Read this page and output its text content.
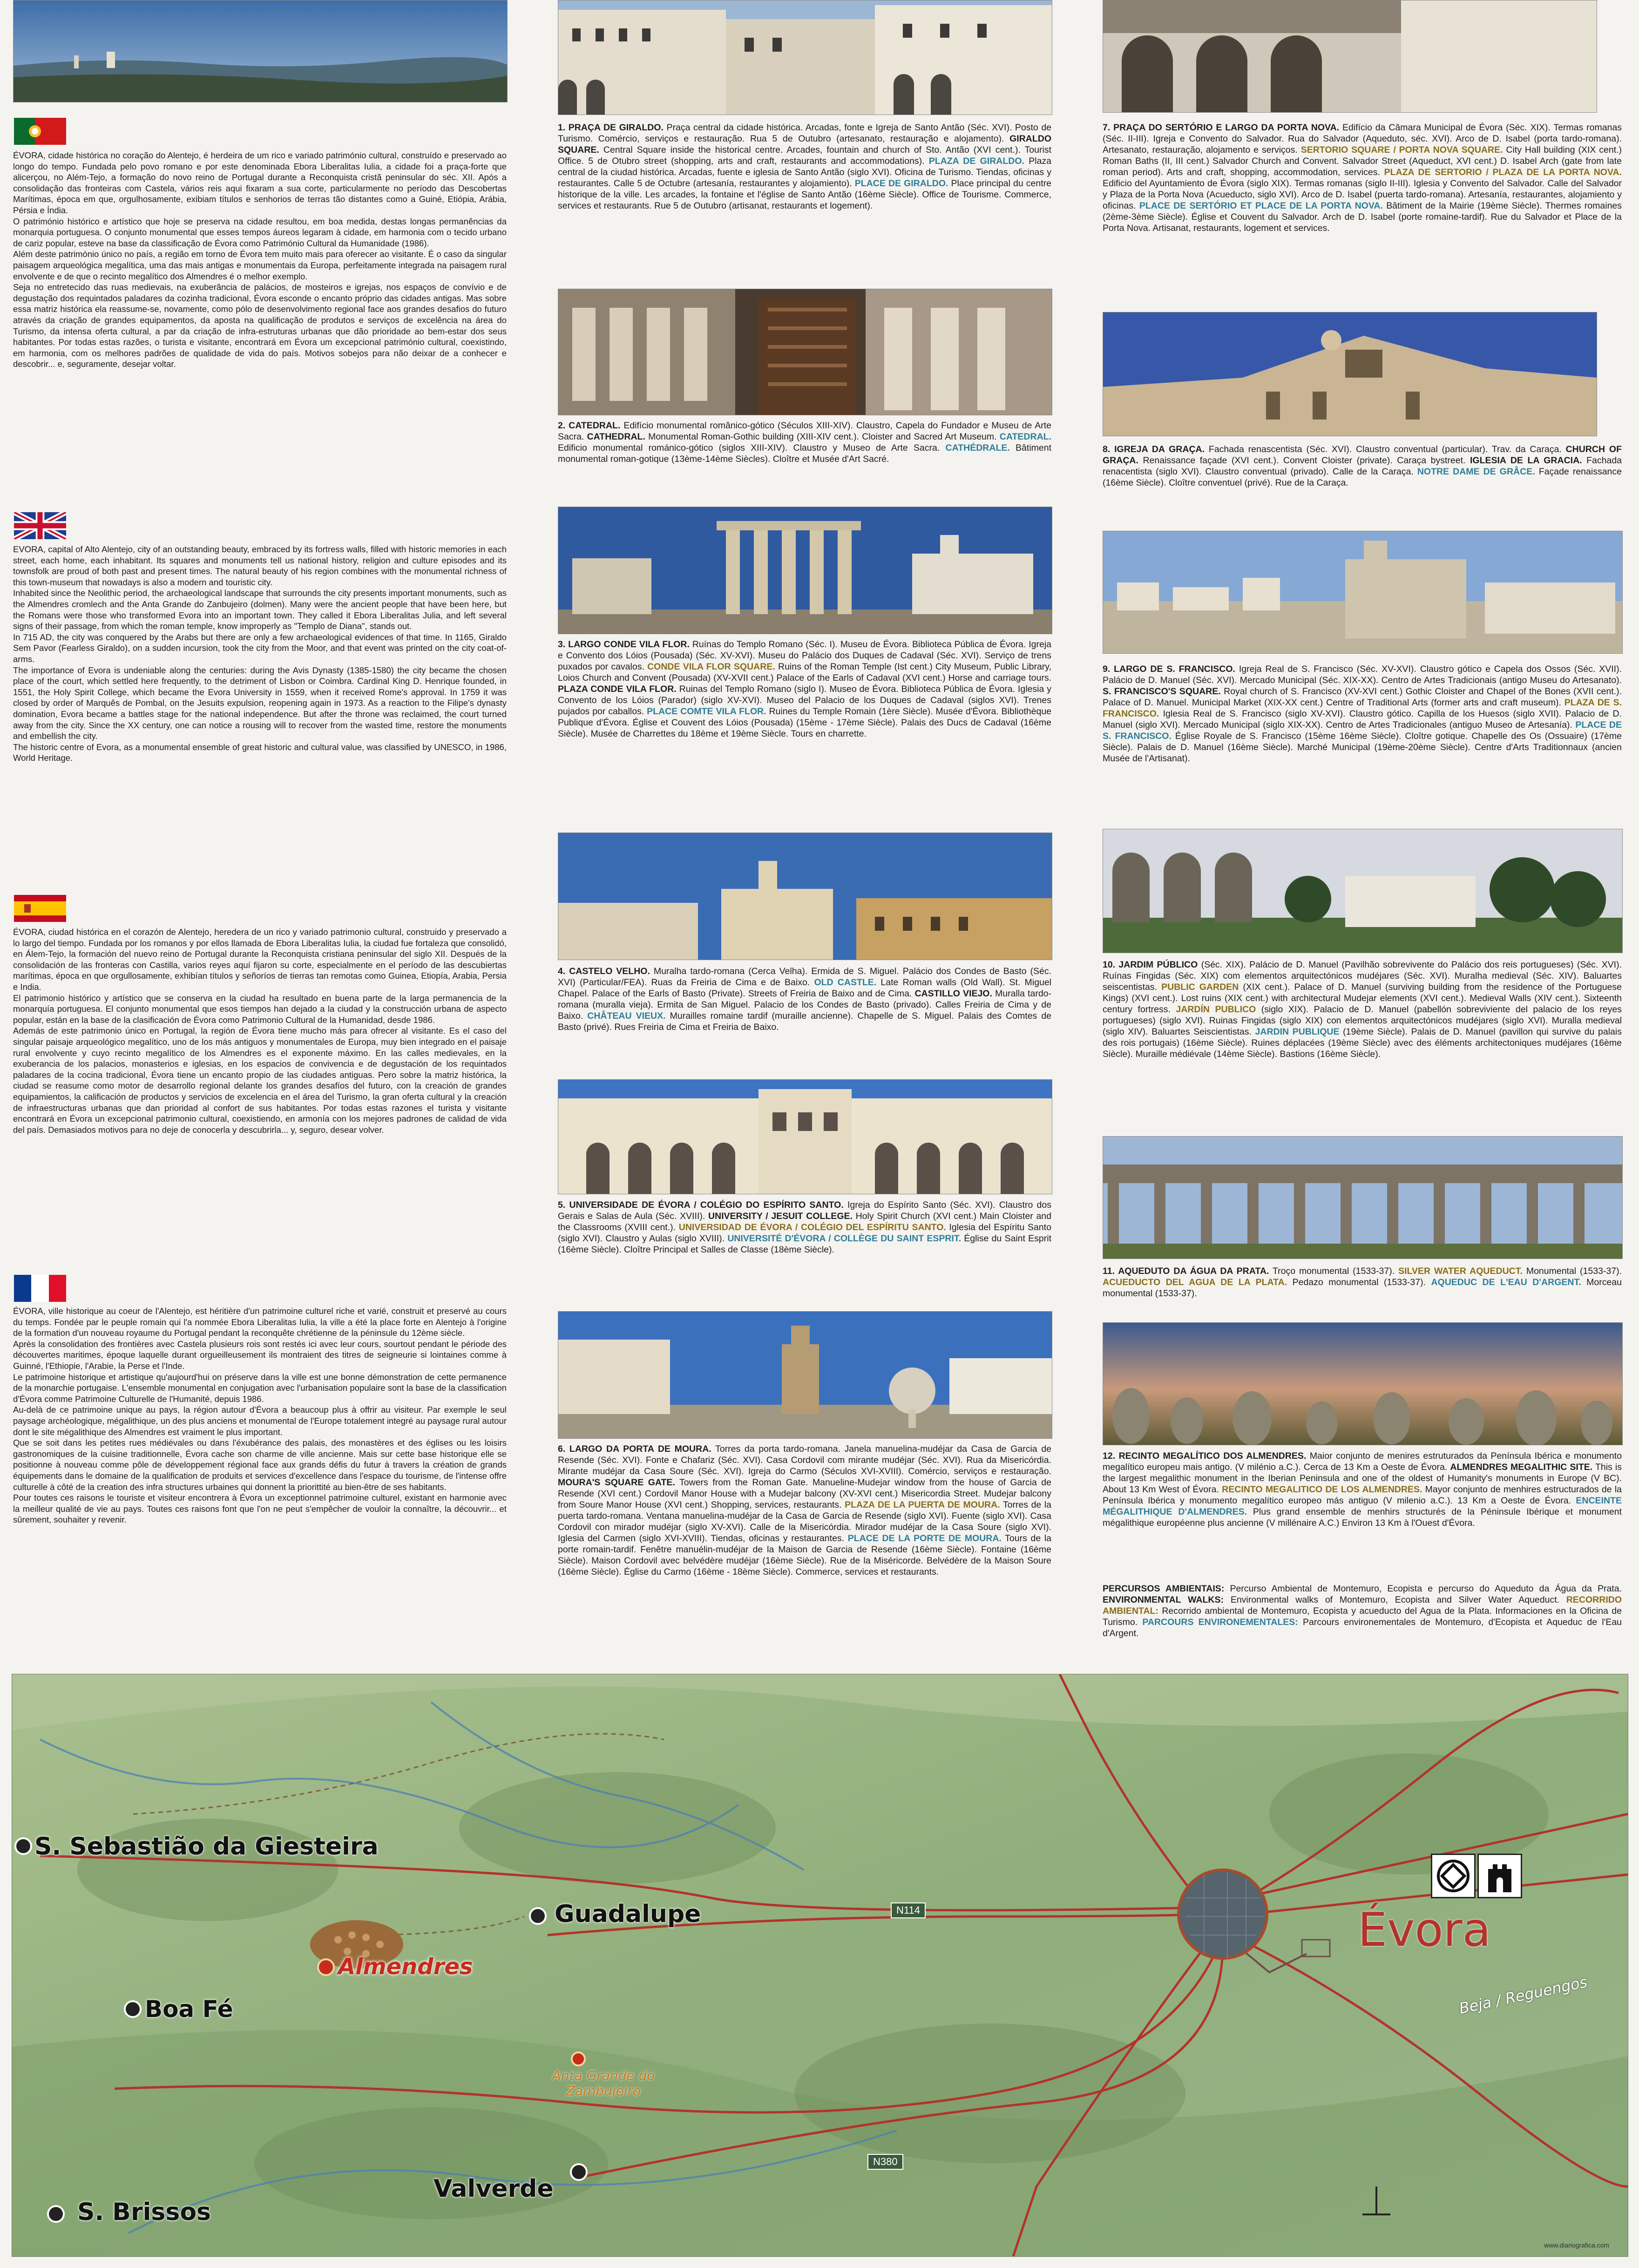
ÉVORA, cidade histórica no coração do Alentejo, é herdeira de um rico e variado património cultural, construído e preservado ao longo do tempo. Fundada pelo povo romano e por este denominada Ebora Liberalitas Iulia, a cidade foi a praça-forte que alicerçou, no Além-Tejo, a formação do novo reino de Portugal durante a Reconquista cristã peninsular do séc. XII. Após a consolidação das fronteiras com Castela, vários reis aqui fixaram a sua corte, particularmente no período das Descobertas Marítimas, época em que, orgulhosamente, exibiam títulos e senhorios de terras tão distantes como a Guiné, Etiópia, Arábia, Pérsia e Índia.

O património histórico e artístico que hoje se preserva na cidade resultou, em boa medida, destas longas permanências da monarquia portuguesa. O conjunto monumental que esses tempos áureos legaram à cidade, em harmonia com o tecido urbano de cariz popular, esteve na base da classificação de Évora como Património Cultural da Humanidade (1986).

Além deste património único no país, a região em torno de Évora tem muito mais para oferecer ao visitante. É o caso da singular paisagem arqueológica megalítica, uma das mais antigas e monumentais da Europa, perfeitamente integrada na paisagem rural envolvente e de que o recinto megalítico dos Almendres é o melhor exemplo.

Seja no entretecido das ruas medievais, na exuberância de palácios, de mosteiros e igrejas, nos espaços de convívio e de degustação dos requintados paladares da cozinha tradicional, Évora esconde o encanto próprio das cidades antigas. Mas sobre essa matriz histórica ela reassume-se, novamente, como pólo de desenvolvimento regional face aos grandes desafios do futuro através da criação de grandes equipamentos, da aposta na qualificação de produtos e serviços de excelência na área do Turismo, da intensa oferta cultural, a par da criação de infra-estruturas urbanas que dão prioridade ao bem-estar dos seus habitantes. Por todas estas razões, o turista e visitante, encontrará em Évora um excepcional património cultural, coexistindo, em harmonia, com os melhores padrões de qualidade de vida do país. Motivos sobejos para não deixar de a conhecer e descobrir... e, seguramente, desejar voltar.

EVORA, capital of Alto Alentejo, city of an outstanding beauty, embraced by its fortress walls, filled with historic memories in each street, each home, each inhabitant. Its squares and monuments tell us national history, religion and culture episodes and its townsfolk are proud of both past and present times. The natural beauty of his region combines with the monumental richness of this town-museum that nowadays is also a modern and touristic city.

Inhabited since the Neolithic period, the archaeological landscape that surrounds the city presents important monuments, such as the Almendres cromlech and the Anta Grande do Zanbujeiro (dolmen). Many were the ancient people that have been here, but the Romans were those who transformed Evora into an important town. They called it Ebora Liberalitas Julia, and left several signs of their passage, from which the roman temple, know improperly as "Templo de Diana", stands out.

In 715 AD, the city was conquered by the Arabs but there are only a few archaeological evidences of that time. In 1165, Giraldo Sem Pavor (Fearless Giraldo), on a sudden incursion, took the city from the Moor, and that event was printed on the city coat-of-arms.

The importance of Evora is undeniable along the centuries: during the Avis Dynasty (1385-1580) the city became the chosen place of the court, which settled here frequently, to the detriment of Lisbon or Coimbra. Cardinal King D. Henrique founded, in 1551, the Holy Spirit College, which became the Evora University in 1559, when it received Rome's approval. In 1759 it was closed by order of Marquês de Pombal, on the Jesuits expulsion, reopening again in 1973. As a reaction to the Filipe's dynasty domination, Evora became a battles stage for the national independence. But after the throne was reclaimed, the court turned away from the city. Since the XX century, one can notice a rousing will to recover from the wasted time, restore the monuments and embellish the city.

The historic centre of Evora, as a monumental ensemble of great historic and cultural value, was classified by UNESCO, in 1986, World Heritage.

ÉVORA, ciudad histórica en el corazón de Alentejo, heredera de un rico y variado patrimonio cultural, construido y preservado a lo largo del tiempo. Fundada por los romanos y por ellos llamada de Ebora Liberalitas Iulia, la ciudad fue fortaleza que consolidó, en Álem-Tejo, la formación del nuevo reino de Portugal durante la Reconquista cristiana peninsular del siglo XII. Después de la consolidación de las fronteras con Castilla, varios reyes aquí fijaron su corte, especialmente en el período de las descubiertas marítimas, época en que orgullosamente, exhibían títulos y señoríos de tierras tan remotas como Guinea, Etiopía, Arabia, Persia e India.

El patrimonio histórico y artístico que se conserva en la ciudad ha resultado en buena parte de la larga permanencia de la monarquía portuguesa. El conjunto monumental que esos tiempos han dejado a la ciudad y la construcción urbana de aspecto popular, están en la base de la clasificación de Évora como Patrimonio Cultural de la Humanidad, desde 1986.

Además de este patrimonio único en Portugal, la región de Évora tiene mucho más para ofrecer al visitante. Es el caso del singular paisaje arqueológico megalítico, uno de los más antiguos y monumentales de Europa, muy bien integrado en el paisaje rural envolvente y cuyo recinto megalítico de los Almendres es el exponente máximo. En las calles medievales, en la exuberancia de los palacios, monasterios e iglesias, en los espacios de convivencia e de degustación de los requintados paladares de la cocina tradicional, Évora tiene un encanto propio de las ciudades antiguas. Pero sobre la matriz histórica, la ciudad se reasume como motor de desarrollo regional delante los grandes desafíos del futuro, con la creación de grandes equipamientos, la calificación de productos y servicios de excelencia en el área del Turismo, la gran oferta cultural y la creación de infraestructuras urbanas que dan prioridad al confort de sus habitantes. Por todas estas razones el turista y visitante encontrará en Évora un excepcional patrimonio cultural, coexistiendo, en armonía con los mejores padrones de calidad de vida del país. Demasiados motivos para no deje de conocerla y descubrirla... y, seguro, desear volver.

ÉVORA, ville historique au coeur de l'Alentejo, est héritière d'un patrimoine culturel riche et varié, construit et preservé au cours du temps. Fondée par le peuple romain qui l'a nommée Ebora Liberalitas Iulia, la ville a été la place forte en Alentejo à l'origine de la formation d'un nouveau royaume du Portugal pendant la reconquête chrétienne de la péninsule du 12ème siècle.

Après la consolidation des frontières avec Castela plusieurs rois sont restés ici avec leur cours, sourtout pendant le période des découvertes maritimes, époque laquelle durant orgueilleusement ils montraient des titres de seigneurie si lointaines comme à Guinné, l'Ethiopie, l'Arabie, la Perse et l'Inde.

Le patrimoine historique et artistique qu'aujourd'hui on préserve dans la ville est une bonne démonstration de cette permanence de la monarchie portugaise. L'ensemble monumental en conjugation avec l'urbanisation populaire sont la base de la classification d'Évora comme Patrimoine Culturelle de l'Humanité, depuis 1986.

Au-delà de ce patrimoine unique au pays, la région autour d'Évora a beaucoup plus à offrir au visiteur. Par exemple le seul paysage archéologique, mégalithique, un des plus anciens et monumental de l'Europe totalement integré au paysage rural autour dont le site mégalithique des Almendres est vraiment le plus important.

Que se soit dans les petites rues médiévales ou dans l'éxubérance des palais, des monastères et des églises ou les loisirs gastronomiques de la cuisine traditionnelle, Évora cache son charme de ville ancienne. Mais sur cette base historique elle se positionne à nouveau comme pôle de développement régional face aux grands défis du futur à travers la création de grands équipements dans le domaine de la qualification de produits et services d'excellence dans l'espace du tourisme, de l'intense offre culturelle à côté de la creation des infra structures urbaines qui donnent la priorittité au bien-être de ses habitants.

Pour toutes ces raisons le touriste et visiteur encontrera à Évora un exceptionnel patrimoine culturel, existant en harmonie avec la meilleur qualité de vie au pays. Toutes ces raisons font que l'on ne peut s'empêcher de vouloir la connaître, la découvrir... et sûrement, souhaiter y revenir.

1. PRAÇA DE GIRALDO. Praça central da cidade histórica. Arcadas, fonte e Igreja de Santo Antão (Séc. XVI). Posto de Turismo. Comércio, serviços e restauração. Rua 5 de Outubro (artesanato, restauração e alojamento). GIRALDO SQUARE. Central Square inside the historical centre. Arcades, fountain and church of Sto. Antão (XVI cent.). Tourist Office. 5 de Otubro street (shopping, arts and craft, restaurants and accommodations). PLAZA DE GIRALDO. Plaza central de la ciudad histórica. Arcadas, fuente e iglesia de Santo Antão (siglo XVI). Oficina de Turismo. Tiendas, oficinas y restaurantes. Calle 5 de Octubre (artesanía, restaurantes y alojamiento). PLACE DE GIRALDO. Place principal du centre historique de la ville. Les arcades, la fontaine et l'église de Santo Antão (16ème Siècle). Office de Tourisme. Commerce, services et restaurants. Rue 5 de Outubro (artisanat, restaurants et logement).
2. CATEDRAL. Edifício monumental românico-gótico (Séculos XIII-XIV). Claustro, Capela do Fundador e Museu de Arte Sacra. CATHEDRAL. Monumental Roman-Gothic building (XIII-XIV cent.). Cloister and Sacred Art Museum. CATEDRAL. Edificio monumental románico-gótico (siglos XIII-XIV). Claustro y Museo de Arte Sacra. CATHÉDRALE. Bâtiment monumental roman-gotique (13ème-14ème Siècles). Cloître et Musée d'Art Sacré.
3. LARGO CONDE VILA FLOR. Ruínas do Templo Romano (Séc. I). Museu de Évora. Biblioteca Pública de Évora. Igreja e Convento dos Lóios (Pousada) (Séc. XV-XVI). Museu do Palácio dos Duques de Cadaval (Séc. XVI). Serviço de trens puxados por cavalos. CONDE VILA FLOR SQUARE. Ruins of the Roman Temple (Ist cent.) City Museum, Public Library, Loios Church and Convent (Pousada) (XV-XVII cent.) Palace of the Earls of Cadaval (XVI cent.) Horse and carriage tours. PLAZA CONDE VILA FLOR. Ruinas del Templo Romano (siglo I). Museo de Évora. Biblioteca Pública de Évora. Iglesia y Convento de los Lóios (Parador) (siglo XV-XVI). Museo del Palacio de los Duques de Cadaval (siglos XVI). Trenes pujados por caballos. PLACE COMTE VILA FLOR. Ruines du Temple Romain (1ère Siècle). Musée d'Évora. Bibliothèque Publique d'Évora. Église et Couvent des Lóios (Pousada) (15ème - 17ème Siècle). Palais des Ducs de Cadaval (16ème Siècle). Musée de Charrettes du 18ème et 19ème Siècle. Tours en charrette.
4. CASTELO VELHO. Muralha tardo-romana (Cerca Velha). Ermida de S. Miguel. Palácio dos Condes de Basto (Séc. XVI) (Particular/FEA). Ruas da Freiria de Cima e de Baixo. OLD CASTLE. Late Roman walls (Old Wall). St. Miguel Chapel. Palace of the Earls of Basto (Private). Streets of Freiria de Baixo and de Cima. CASTILLO VIEJO. Muralla tardo-romana (muralla vieja). Ermita de San Miguel. Palacio de los Condes de Basto (privado). Calles Freiria de Cima y de Baixo. CHÂTEAU VIEUX. Murailles romaine tardif (muraille ancienne). Chapelle de S. Miguel. Palais des Comtes de Basto (privé). Rues Freiria de Cima et Freiria de Baixo.
5. UNIVERSIDADE DE ÉVORA / COLÉGIO DO ESPÍRITO SANTO. Igreja do Espírito Santo (Séc. XVI). Claustro dos Gerais e Salas de Aula (Séc. XVIII). UNIVERSITY / JESUIT COLLEGE. Holy Spirit Church (XVI cent.) Main Cloister and the Classrooms (XVIII cent.). UNIVERSIDAD DE ÉVORA / COLÉGIO DEL ESPÍRITU SANTO. Iglesia del Espíritu Santo (siglo XVI). Claustro y Aulas (siglo XVIII). UNIVERSITÉ D'ÉVORA / COLLÈGE DU SAINT ESPRIT. Église du Saint Esprit (16ème Siècle). Cloître Principal et Salles de Classe (18ème Siècle).
6. LARGO DA PORTA DE MOURA. Torres da porta tardo-romana. Janela manuelina-mudéjar da Casa de Garcia de Resende (Séc. XVI). Fonte e Chafariz (Séc. XVI). Casa Cordovil com mirante mudéjar (Séc. XVI). Rua da Misericórdia. Mirante mudéjar da Casa Soure (Séc. XVI). Igreja do Carmo (Séculos XVI-XVIII). Comércio, serviços e restauração. MOURA'S SQUARE GATE. Towers from the Roman Gate. Manueline-Mudejar window from the house of Garcia de Resende (XVI cent.) Cordovil Manor House with a Mudejar balcony (XV-XVI cent.) Misericordia Street. Mudejar balcony from Soure Manor House (XVI cent.) Shopping, services, restaurants. PLAZA DE LA PUERTA DE MOURA. Torres de la puerta tardo-romana. Ventana manuelina-mudéjar de la Casa de Garcia de Resende (siglo XVI). Fuente (siglo XVI). Casa Cordovil con mirador mudéjar (siglo XV-XVI). Calle de la Misericórdia. Mirador mudéjar de la Casa Soure (siglo XVI). Iglesia del Carmen (siglo XVI-XVIII). Tiendas, oficinas y restaurantes. PLACE DE LA PORTE DE MOURA. Tours de la porte romain-tardif. Fenêtre manuélin-mudéjar de la Maison de Garcia de Resende (16ème Siècle). Fontaine (16ème Siècle). Maison Cordovil avec belvédère mudéjar (16ème Siècle). Rue de la Miséricorde. Belvédère de la Maison Soure (16ème Siècle). Église du Carmo (16ème - 18ème Siècle). Commerce, services et restaurants.
7. PRAÇA DO SERTÓRIO E LARGO DA PORTA NOVA. Edifício da Câmara Municipal de Évora (Séc. XIX). Termas romanas (Séc. II-III). Igreja e Convento do Salvador. Rua do Salvador (Aqueduto, séc. XVI). Arco de D. Isabel (porta tardo-romana). Artesanato, restauração, alojamento e serviços. SERTORIO SQUARE / PORTA NOVA SQUARE. City Hall building (XIX cent.) Roman Baths (II, III cent.) Salvador Church and Convent. Salvador Street (Aqueduct, XVI cent.) D. Isabel Arch (gate from late roman period). Arts and craft, shopping, accommodation, services. PLAZA DE SERTORIO / PLAZA DE LA PORTA NOVA. Edificio del Ayuntamiento de Évora (siglo XIX). Termas romanas (siglo II-III). Iglesia y Convento del Salvador. Calle del Salvador y Plaza de la Porta Nova (Acueducto, siglo XVI). Arco de D. Isabel (puerta tardo-romana). Artesanía, restaurantes, alojamiento y oficinas. PLACE DE SERTÓRIO ET PLACE DE LA PORTA NOVA. Bâtiment de la Mairie (19ème Siècle). Thermes romaines (2ème-3ème Siècle). Église et Couvent du Salvador. Arch de D. Isabel (porte romaine-tardif). Rue du Salvador et Place de la Porta Nova. Artisanat, restaurants, logement et services.
8. IGREJA DA GRAÇA. Fachada renascentista (Séc. XVI). Claustro conventual (particular). Trav. da Caraça. CHURCH OF GRAÇA. Renaissance façade (XVI cent.). Convent Cloister (private). Caraça bystreet. IGLESIA DE LA GRACIA. Fachada renacentista (siglo XVI). Claustro conventual (privado). Calle de la Caraça. NOTRE DAME DE GRÂCE. Façade renaissance (16ème Siècle). Cloître conventuel (privé). Rue de la Caraça.
9. LARGO DE S. FRANCISCO. Igreja Real de S. Francisco (Séc. XV-XVI). Claustro gótico e Capela dos Ossos (Séc. XVII). Palácio de D. Manuel (Séc. XVI). Mercado Municipal (Séc. XIX-XX). Centro de Artes Tradicionais (antigo Museu do Artesanato). S. FRANCISCO'S SQUARE. Royal church of S. Francisco (XV-XVI cent.) Gothic Cloister and Chapel of the Bones (XVII cent.). Palace of D. Manuel. Municipal Market (XIX-XX cent.) Centre of Traditional Arts (former arts and craft museum). PLAZA DE S. FRANCISCO. Iglesia Real de S. Francisco (siglo XV-XVI). Claustro gótico. Capilla de los Huesos (siglo XVII). Palacio de D. Manuel (siglo XVI). Mercado Municipal (siglo XIX-XX). Centro de Artes Tradicionales (antiguo Museo de Artesanía). PLACE DE S. FRANCISCO. Église Royale de S. Francisco (15ème 16ème Siècle). Cloître gotique. Chapelle des Os (Ossuaire) (17ème Siècle). Palais de D. Manuel (16ème Siècle). Marché Municipal (19ème-20ème Siècle). Centre d'Arts Traditionnaux (ancien Musée de l'Artisanat).
10. JARDIM PÚBLICO (Séc. XIX). Palácio de D. Manuel (Pavilhão sobrevivente do Palácio dos reis portugueses) (Séc. XVI). Ruínas Fingidas (Séc. XIX) com elementos arquitectónicos mudéjares (Séc. XVI). Muralha medieval (Séc. XIV). Baluartes seiscentistas. PUBLIC GARDEN (XIX cent.). Palace of D. Manuel (surviving building from the residence of the Portuguese Kings) (XVI cent.). Lost ruins (XIX cent.) with architectural Mudejar elements (XVI cent.). Medieval Walls (XIV cent.). Sixteenth century fortress. JARDÍN PUBLICO (siglo XIX). Palacio de D. Manuel (pabellón sobreviviente del palacio de los reyes portugueses) (siglo XVI). Ruinas Fingidas (siglo XIX) con elementos arquitectónicos mudéjares (siglo XVI). Muralla medieval (siglo XIV). Baluartes Seiscientistas. JARDIN PUBLIQUE (19ème Siècle). Palais de D. Manuel (pavillon qui survive du palais des rois portugais) (16ème Siècle). Ruines déplacées (19ème Siècle) avec des éléments architectoniques mudéjares (16ème Siècle). Muraille médiévale (14ème Siècle). Bastions (16ème Siècle).
11. AQUEDUTO DA ÁGUA DA PRATA. Troço monumental (1533-37). SILVER WATER AQUEDUCT. Monumental (1533-37). ACUEDUCTO DEL AGUA DE LA PLATA. Pedazo monumental (1533-37). AQUEDUC DE L'EAU D'ARGENT. Morceau monumental (1533-37).
12. RECINTO MEGALÍTICO DOS ALMENDRES. Maior conjunto de menires estruturados da Península Ibérica e monumento megalítico europeu mais antigo. (V milénio a.C.). Cerca de 13 Km a Oeste de Évora. ALMENDRES MEGALITHIC SITE. This is the largest megalithic monument in the Iberian Peninsula and one of the oldest of Humanity's monuments in Europe (V BC). About 13 Km West of Évora. RECINTO MEGALITICO DE LOS ALMENDRES. Mayor conjunto de menhires estructurados de la Península Ibérica y monumento megalítico europeo más antiguo (V milenio a.C.). 13 Km a Oeste de Évora. ENCEINTE MÉGALITHIQUE D'ALMENDRES. Plus grand ensemble de menhirs structurés de la Péninsule Ibérique et monument mégalithique européenne plus ancienne (V millénaire A.C.) Environ 13 Km à l'Ouest d'Évora.
PERCURSOS AMBIENTAIS: Percurso Ambiental de Montemuro, Ecopista e percurso do Aqueduto da Água da Prata. ENVIRONMENTAL WALKS: Environmental walks of Montemuro, Ecopista and Silver Water Aqueduct. RECORRIDO AMBIENTAL: Recorrido ambiental de Montemuro, Ecopista y acueducto del Agua de la Plata. Informaciones en la Oficina de Turismo. PARCOURS ENVIRONEMENTALES: Parcours environementales de Montemuro, d'Ecopista et Aqueduc de l'Eau d'Argent.
S. Sebastião da Giesteira
Guadalupe
Almendres
Boa Fé
Anta Grande do Zambujeiro
Valverde
S. Brissos
Évora
Beja / Reguengos
N114
N380
www.diariografica.com
